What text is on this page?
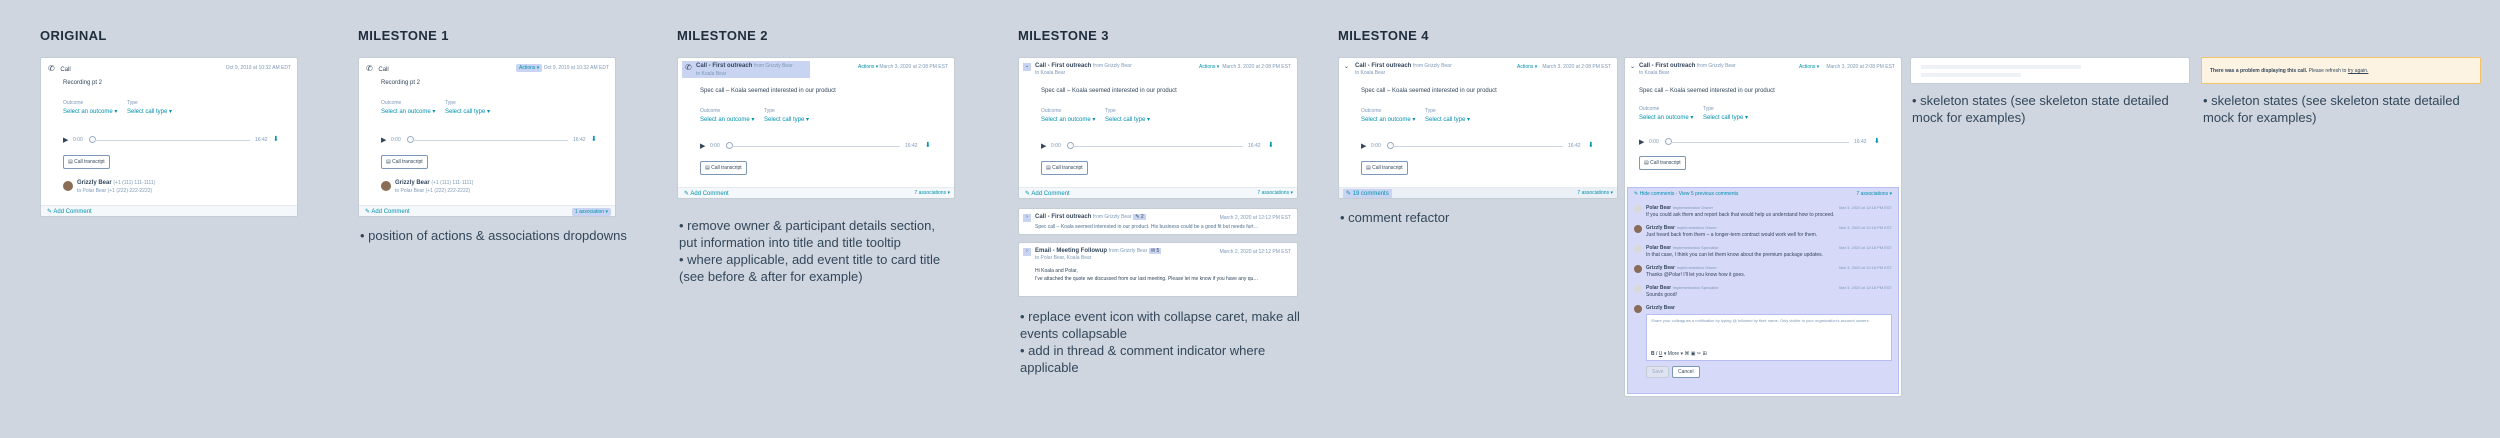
ORIGINAL
✆ Call	Oct 9, 2019 at 10:32 AM EDT
Recording pt 2
Outcome	Type
Select an outcome ▾ Select call type ▾
▶ 0:00	16:42 ⬇
▤ Call transcript
Grizzly Bear (+1 (111) 111-1111)
to Polar Bear (+1 (222) 222-2222)
✎ Add Comment
MILESTONE 1
✆ Call	Actions ▾ Oct 9, 2019 at 10:32 AM EDT
Recording pt 2
Outcome	Type
Select an outcome ▾ Select call type ▾
▶ 0:00	16:42 ⬇
▤ Call transcript
Grizzly Bear (+1 (111) 111-1111)
to Polar Bear (+1 (222) 222-2222)
✎ Add Comment	1 association ▾
• position of actions & associations dropdowns
MILESTONE 2
✆ Call - First outreach from Grizzly Bear
to Koala Bear
Actions ▾ March 3, 2020 at 2:08 PM EST
Spec call – Koala seemed interested in our product
Outcome	Type
Select an outcome ▾ Select call type ▾
▶ 0:00	16:42 ⬇
▤ Call transcript
✎ Add Comment	7 associations ▾
• remove owner & participant details section,
put information into title and title tooltip
• where applicable, add event title to card title
(see before & after for example)
MILESTONE 3
⌄ Call - First outreach from Grizzly Bear
to Koala Bear
Actions ▾ March 3, 2020 at 2:08 PM EST
Spec call – Koala seemed interested in our product
Outcome	Type
Select an outcome ▾ Select call type ▾
▶ 0:00	16:42 ⬇
▤ Call transcript
✎ Add Comment	7 associations ▾
›	Call - First outreach from Grizzly Bear ✎ 2	March 2, 2020 at 12:12 PM EST
Spec call – Koala seemed interested in our product. His business could be a good fit but needs furt…
›	Email - Meeting Followup from Grizzly Bear ✉ 5
to Polar Bear, Koala Bear
March 2, 2020 at 12:12 PM EST
Hi Koala and Polar,
I've attached the quote we discussed from our last meeting. Please let me know if you have any qu…
• replace event icon with collapse caret, make all
events collapsable
• add in thread & comment indicator where
applicable
MILESTONE 4
⌄ Call - First outreach from Grizzly Bear
to Koala Bear
Actions ▾ March 3, 2020 at 2:08 PM EST
Spec call – Koala seemed interested in our product
Outcome	Type
Select an outcome ▾ Select call type ▾
▶ 0:00	16:42 ⬇
▤ Call transcript
✎ 19 comments	7 associations ▾
• comment refactor
⌄ Call - First outreach from Grizzly Bear
to Koala Bear
Actions ▾ March 3, 2020 at 2:08 PM EST
Spec call – Koala seemed interested in our product
Outcome	Type
Select an outcome ▾ Select call type ▾
▶ 0:00	16:42 ⬇
▤ Call transcript
✎ Hide comments · View 5 previous comments	7 associations ▾
Polar Bear Implementation Owner	Mar 3, 2020 at 12:18 PM EST
If you could ask them and report back that would help us understand how to proceed.
Grizzly Bear Implementation Owner	Mar 3, 2020 at 12:18 PM EST
Just heard back from them – a longer-term contract would work well for them.
Polar Bear Implementation Specialist	Mar 3, 2020 at 12:18 PM EST
In that case, I think you can let them know about the premium package updates.
Grizzly Bear Implementation Owner	Mar 3, 2020 at 12:18 PM EST
Thanks @Polar! I'll let you know how it goes.
Polar Bear Implementation Specialist	Mar 3, 2020 at 12:18 PM EST
Sounds good!
Grizzly Bear
Share your colleagues a notification by typing @ followed by their name. Only visible to your organization's account owners.
B I U ▾ More ▾ ⌘ ▣ ✂ ⊞
Save	Cancel
• skeleton states (see skeleton state detailed
mock for examples)
There was a problem displaying this call. Please refresh to try again.
• skeleton states (see skeleton state detailed
mock for examples)
